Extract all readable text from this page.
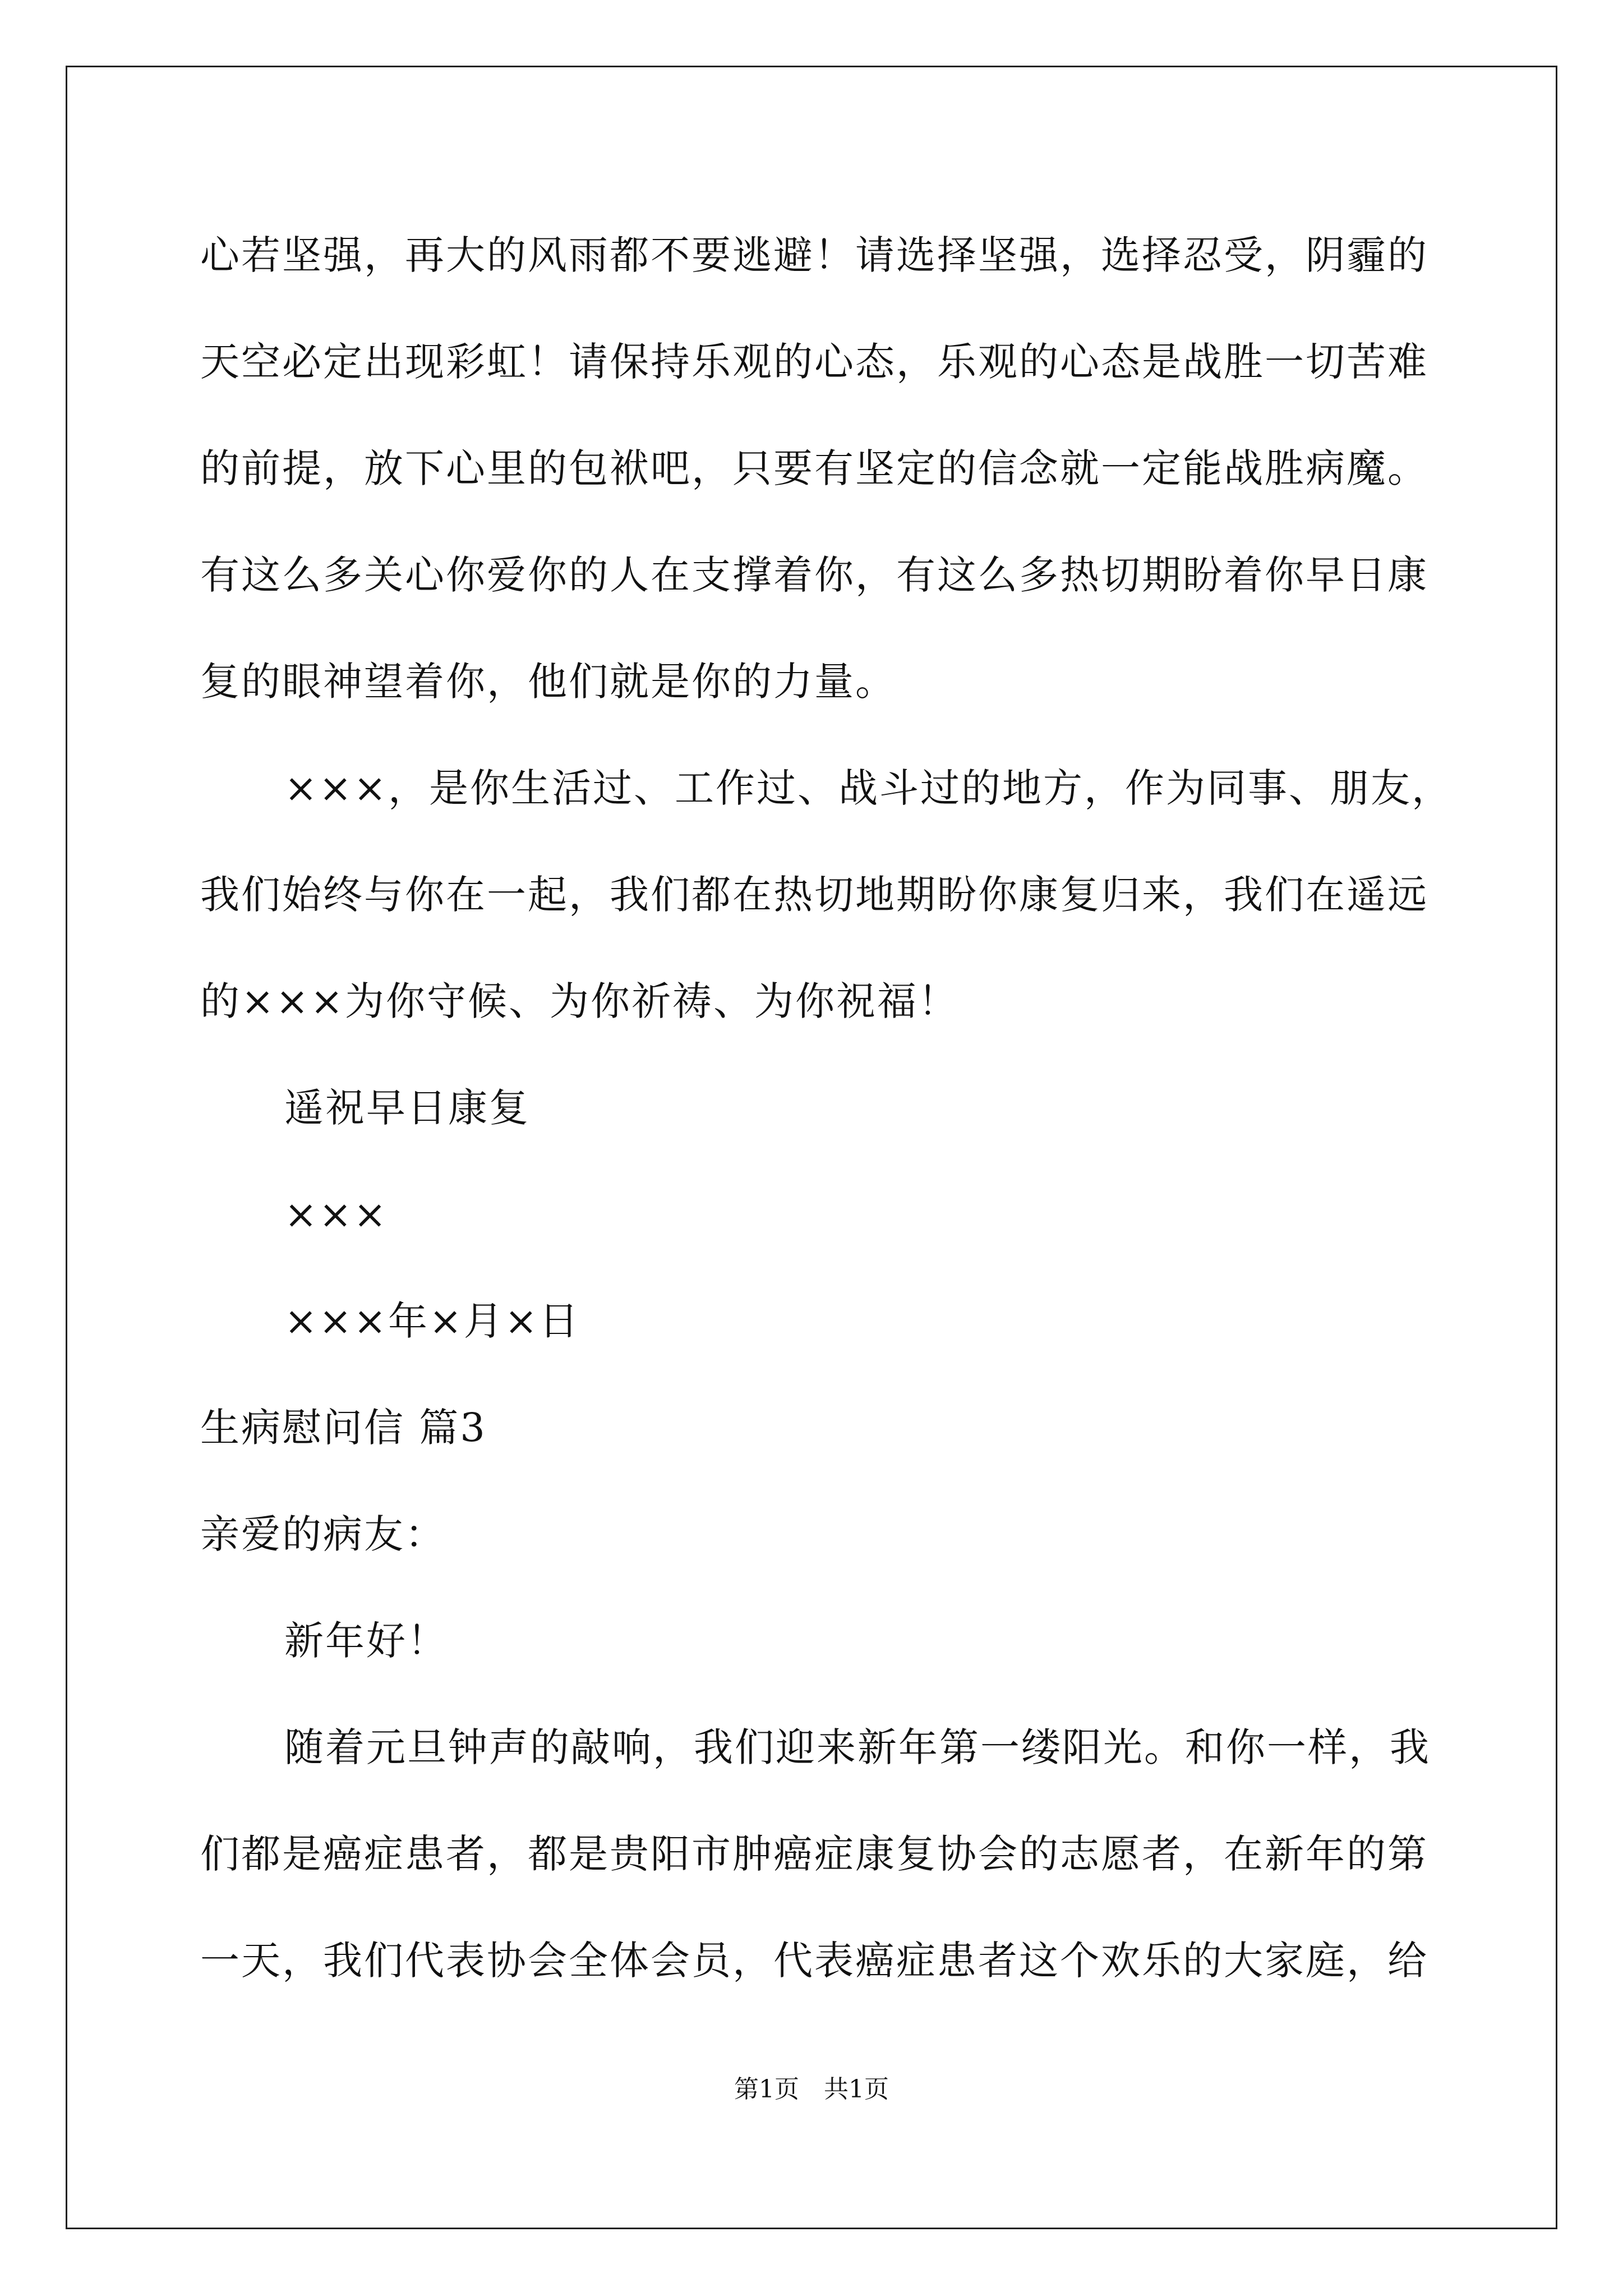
心若坚强，再大的风雨都不要逃避！请选择坚强，选择忍受，阴霾的
天空必定出现彩虹！请保持乐观的心态，乐观的心态是战胜一切苦难
的前提，放下心里的包袱吧，只要有坚定的信念就一定能战胜病魔。
有这么多关心你爱你的人在支撑着你，有这么多热切期盼着你早日康
复的眼神望着你，他们就是你的力量。
×××，是你生活过、工作过、战斗过的地方，作为同事、朋友，
我们始终与你在一起，我们都在热切地期盼你康复归来，我们在遥远
的×××为你守候、为你祈祷、为你祝福！
遥祝早日康复
×××
×××年×月×日
生病慰问信 篇3
亲爱的病友：
新年好！
随着元旦钟声的敲响，我们迎来新年第一缕阳光。和你一样，我
们都是癌症患者，都是贵阳市肿癌症康复协会的志愿者，在新年的第
一天，我们代表协会全体会员，代表癌症患者这个欢乐的大家庭，给
第1页　共1页
